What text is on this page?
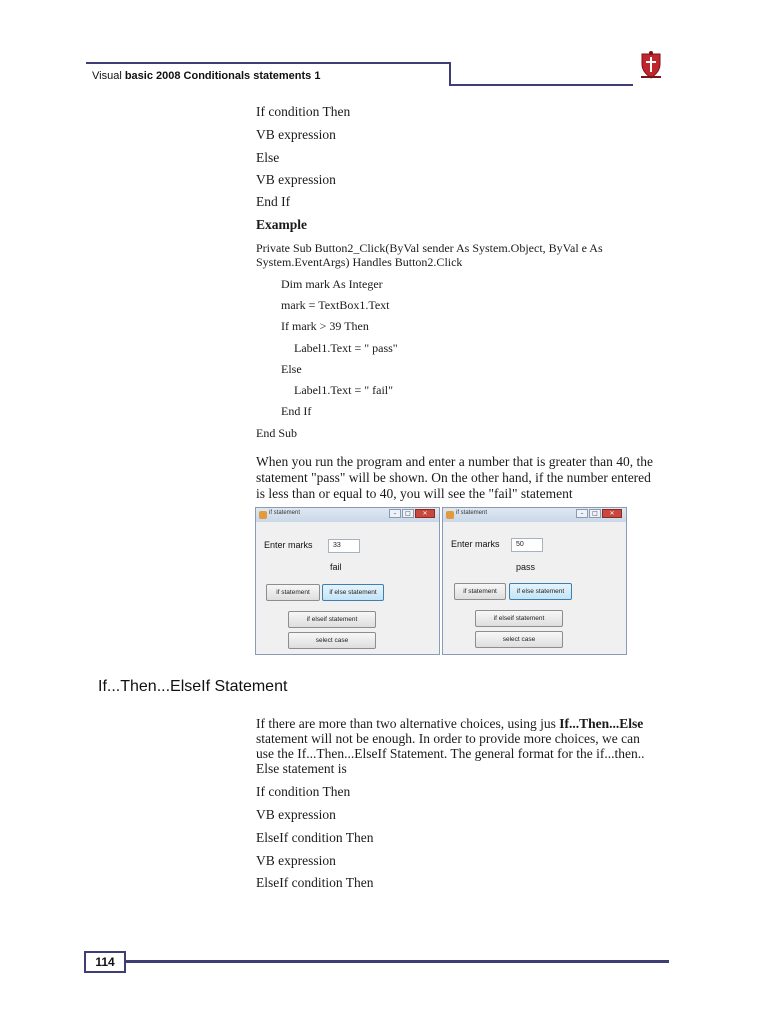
Visual basic 2008 Conditionals statements 1
If condition Then
VB expression
Else
VB expression
End If
Example
Private Sub Button2_Click(ByVal sender As System.Object, ByVal e As
System.EventArgs) Handles Button2.Click
Dim mark As Integer
mark = TextBox1.Text
If mark > 39 Then
Label1.Text = " pass"
Else
Label1.Text = " fail"
End If
End Sub
When you run the program and enter a number that is greater than 40, the
statement "pass" will be shown. On the other hand, if the number entered
is less than or equal to 40, you will see the "fail" statement
if statement	–	□	✕
Enter marks	33
fail
if statement	if else statement
if elseif statement
select case
if statement	–	□	✕
Enter marks	50
pass
if statement	if else statement
if elseif statement
select case
If...Then...ElseIf Statement
If there are more than two alternative choices, using jus If...Then...Else
statement will not be enough. In order to provide more choices, we can
use the If...Then...ElseIf Statement. The general format for the if...then..
Else statement is
If condition Then
VB expression
ElseIf condition Then
VB expression
ElseIf condition Then
114
